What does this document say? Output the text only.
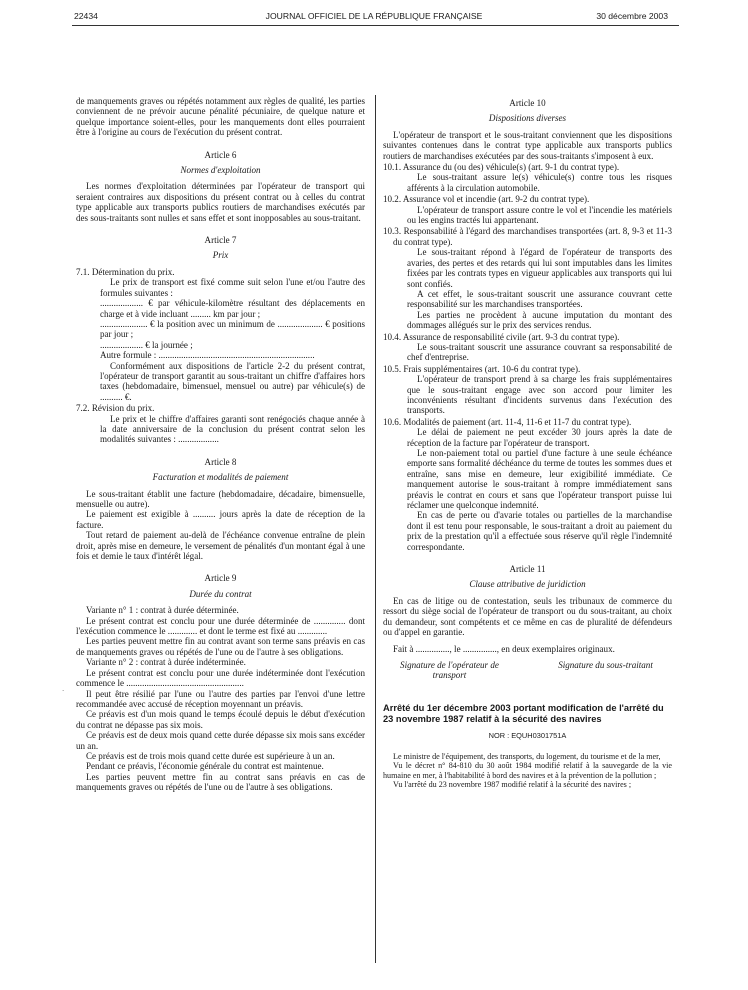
22434	JOURNAL OFFICIEL DE LA RÉPUBLIQUE FRANÇAISE	30 décembre 2003
`

de manquements graves ou répétés notamment aux règles de qualité, les parties conviennent de ne prévoir aucune pénalité pécuniaire, de quelque nature et quelque importance soient-elles, pour les manquements dont elles pourraient être à l'origine au cours de l'exécution du présent contrat.

Article 6

Normes d'exploitation

Les normes d'exploitation déterminées par l'opérateur de transport qui seraient contraires aux dispositions du présent contrat ou à celles du contrat type applicable aux transports publics routiers de marchandises exécutés par des sous-traitants sont nulles et sans effet et sont inopposables au sous-traitant.

Article 7

Prix

7.1. Détermination du prix.

Le prix de transport est fixé comme suit selon l'une et/ou l'autre des formules suivantes :

................... € par véhicule-kilomètre résultant des déplacements en charge et à vide incluant ......... km par jour ;

..................... € la position avec un minimum de .................... € positions par jour ;

................... € la journée ;

Autre formule : .....................................................................

Conformément aux dispositions de l'article 2-2 du présent contrat, l'opérateur de transport garantit au sous-traitant un chiffre d'affaires hors taxes (hebdomadaire, bimensuel, mensuel ou autre) par véhicule(s) de .......... €.

7.2. Révision du prix.

Le prix et le chiffre d'affaires garanti sont renégociés chaque année à la date anniversaire de la conclusion du présent contrat selon les modalités suivantes : ..................

Article 8

Facturation et modalités de paiement

Le sous-traitant établit une facture (hebdomadaire, décadaire, bimensuelle, mensuelle ou autre).

Le paiement est exigible à .......... jours après la date de réception de la facture.

Tout retard de paiement au-delà de l'échéance convenue entraîne de plein droit, après mise en demeure, le versement de pénalités d'un montant égal à une fois et demie le taux d'intérêt légal.

Article 9

Durée du contrat

Variante n° 1 : contrat à durée déterminée.

Le présent contrat est conclu pour une durée déterminée de .............. dont l'exécution commence le ............. et dont le terme est fixé au .............

Les parties peuvent mettre fin au contrat avant son terme sans préavis en cas de manquements graves ou répétés de l'une ou de l'autre à ses obligations.

Variante n° 2 : contrat à durée indéterminée.

Le présent contrat est conclu pour une durée indéterminée dont l'exécution commence le ....................................................

Il peut être résilié par l'une ou l'autre des parties par l'envoi d'une lettre recommandée avec accusé de réception moyennant un préavis.

Ce préavis est d'un mois quand le temps écoulé depuis le début d'exécution du contrat ne dépasse pas six mois.

Ce préavis est de deux mois quand cette durée dépasse six mois sans excéder un an.

Ce préavis est de trois mois quand cette durée est supérieure à un an.

Pendant ce préavis, l'économie générale du contrat est maintenue.

Les parties peuvent mettre fin au contrat sans préavis en cas de manquements graves ou répétés de l'une ou de l'autre à ses obligations.

Article 10

Dispositions diverses

L'opérateur de transport et le sous-traitant conviennent que les dispositions suivantes contenues dans le contrat type applicable aux transports publics routiers de marchandises exécutées par des sous-traitants s'imposent à eux.

10.1. Assurance du (ou des) véhicule(s) (art. 9-1 du contrat type).

Le sous-traitant assure le(s) véhicule(s) contre tous les risques afférents à la circulation automobile.

10.2. Assurance vol et incendie (art. 9-2 du contrat type).

L'opérateur de transport assure contre le vol et l'incendie les matériels ou les engins tractés lui appartenant.

10.3. Responsabilité à l'égard des marchandises transportées (art. 8, 9-3 et 11-3 du contrat type).

Le sous-traitant répond à l'égard de l'opérateur de transports des avaries, des pertes et des retards qui lui sont imputables dans les limites fixées par les contrats types en vigueur applicables aux transports qui lui sont confiés.

A cet effet, le sous-traitant souscrit une assurance couvrant cette responsabilité sur les marchandises transportées.

Les parties ne procèdent à aucune imputation du montant des dommages allégués sur le prix des services rendus.

10.4. Assurance de responsabilité civile (art. 9-3 du contrat type).

Le sous-traitant souscrit une assurance couvrant sa responsabilité de chef d'entreprise.

10.5. Frais supplémentaires (art. 10-6 du contrat type).

L'opérateur de transport prend à sa charge les frais supplémentaires que le sous-traitant engage avec son accord pour limiter les inconvénients résultant d'incidents survenus dans l'exécution des transports.

10.6. Modalités de paiement (art. 11-4, 11-6 et 11-7 du contrat type).

Le délai de paiement ne peut excéder 30 jours après la date de réception de la facture par l'opérateur de transport.

Le non-paiement total ou partiel d'une facture à une seule échéance emporte sans formalité déchéance du terme de toutes les sommes dues et entraîne, sans mise en demeure, leur exigibilité immédiate. Ce manquement autorise le sous-traitant à rompre immédiatement sans préavis le contrat en cours et sans que l'opérateur transport puisse lui réclamer une quelconque indemnité.

En cas de perte ou d'avarie totales ou partielles de la marchandise dont il est tenu pour responsable, le sous-traitant a droit au paiement du prix de la prestation qu'il a effectuée sous réserve qu'il règle l'indemnité correspondante.

Article 11

Clause attributive de juridiction

En cas de litige ou de contestation, seuls les tribunaux de commerce du ressort du siège social de l'opérateur de transport ou du sous-traitant, au choix du demandeur, sont compétents et ce même en cas de pluralité de défendeurs ou d'appel en garantie.

Fait à ..............., le ..............., en deux exemplaires originaux.

Signature de l'opérateur de transport
Signature du sous-traitant

Arrêté du 1er décembre 2003 portant modification de l'arrêté du 23 novembre 1987 relatif à la sécurité des navires

NOR : EQUH0301751A

Le ministre de l'équipement, des transports, du logement, du tourisme et de la mer,

Vu le décret n° 84-810 du 30 août 1984 modifié relatif à la sauvegarde de la vie humaine en mer, à l'habitabilité à bord des navires et à la prévention de la pollution ;

Vu l'arrêté du 23 novembre 1987 modifié relatif à la sécurité des navires ;
